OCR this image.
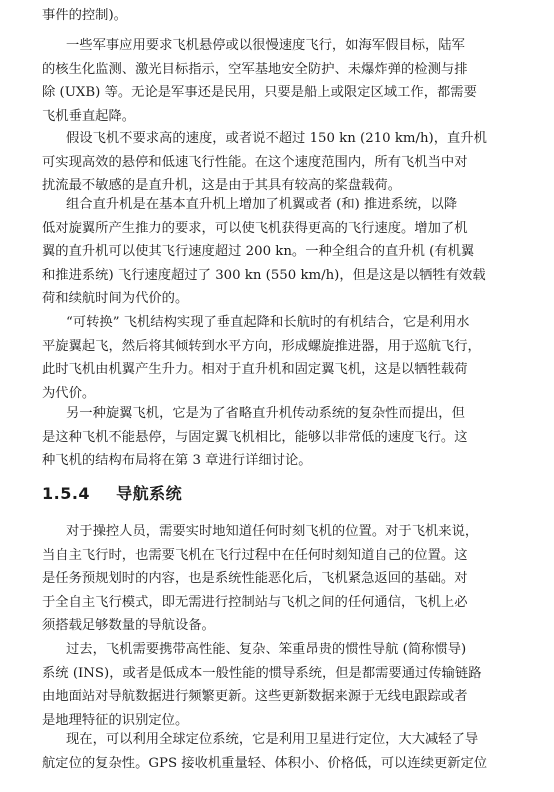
事件的控制)。

一些军事应用要求飞机悬停或以很慢速度飞行，如海军假目标，陆军
的核生化监测、激光目标指示，空军基地安全防护、未爆炸弹的检测与排
除 (UXB) 等。无论是军事还是民用，只要是船上或限定区域工作，都需要
飞机垂直起降。

假设飞机不要求高的速度，或者说不超过 150 kn (210 km/h)，直升机
可实现高效的悬停和低速飞行性能。在这个速度范围内，所有飞机当中对
扰流最不敏感的是直升机，这是由于其具有较高的桨盘载荷。

组合直升机是在基本直升机上增加了机翼或者 (和) 推进系统，以降
低对旋翼所产生推力的要求，可以使飞机获得更高的飞行速度。增加了机
翼的直升机可以使其飞行速度超过 200 kn。一种全组合的直升机 (有机翼
和推进系统) 飞行速度超过了 300 kn (550 km/h)，但是这是以牺牲有效载
荷和续航时间为代价的。

“可转换” 飞机结构实现了垂直起降和长航时的有机结合，它是利用水
平旋翼起飞，然后将其倾转到水平方向，形成螺旋推进器，用于巡航飞行，
此时飞机由机翼产生升力。相对于直升机和固定翼飞机，这是以牺牲载荷
为代价。

另一种旋翼飞机，它是为了省略直升机传动系统的复杂性而提出，但
是这种飞机不能悬停，与固定翼飞机相比，能够以非常低的速度飞行。这
种飞机的结构布局将在第 3 章进行详细讨论。

1.5.4 导航系统

对于操控人员，需要实时地知道任何时刻飞机的位置。对于飞机来说，
当自主飞行时，也需要飞机在飞行过程中在任何时刻知道自己的位置。这
是任务预规划时的内容，也是系统性能恶化后，飞机紧急返回的基础。对
于全自主飞行模式，即无需进行控制站与飞机之间的任何通信，飞机上必
须搭载足够数量的导航设备。

过去，飞机需要携带高性能、复杂、笨重昂贵的惯性导航 (简称惯导)
系统 (INS)，或者是低成本一般性能的惯导系统，但是都需要通过传输链路
由地面站对导航数据进行频繁更新。这些更新数据来源于无线电跟踪或者
是地理特征的识别定位。

现在，可以利用全球定位系统，它是利用卫星进行定位，大大减轻了导
航定位的复杂性。GPS 接收机重量轻、体积小、价格低，可以连续更新定位
